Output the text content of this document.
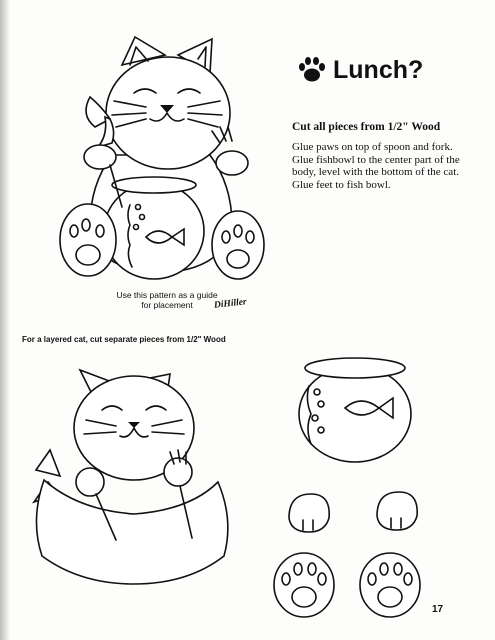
Lunch?
Cut all pieces from 1/2" Wood
Glue paws on top of spoon and fork. Glue fishbowl to the center part of the body, level with the bottom of the cat. Glue feet to fish bowl.
Use this pattern as a guide for placement	DiHiller
For a layered cat, cut separate pieces from 1/2" Wood
17
